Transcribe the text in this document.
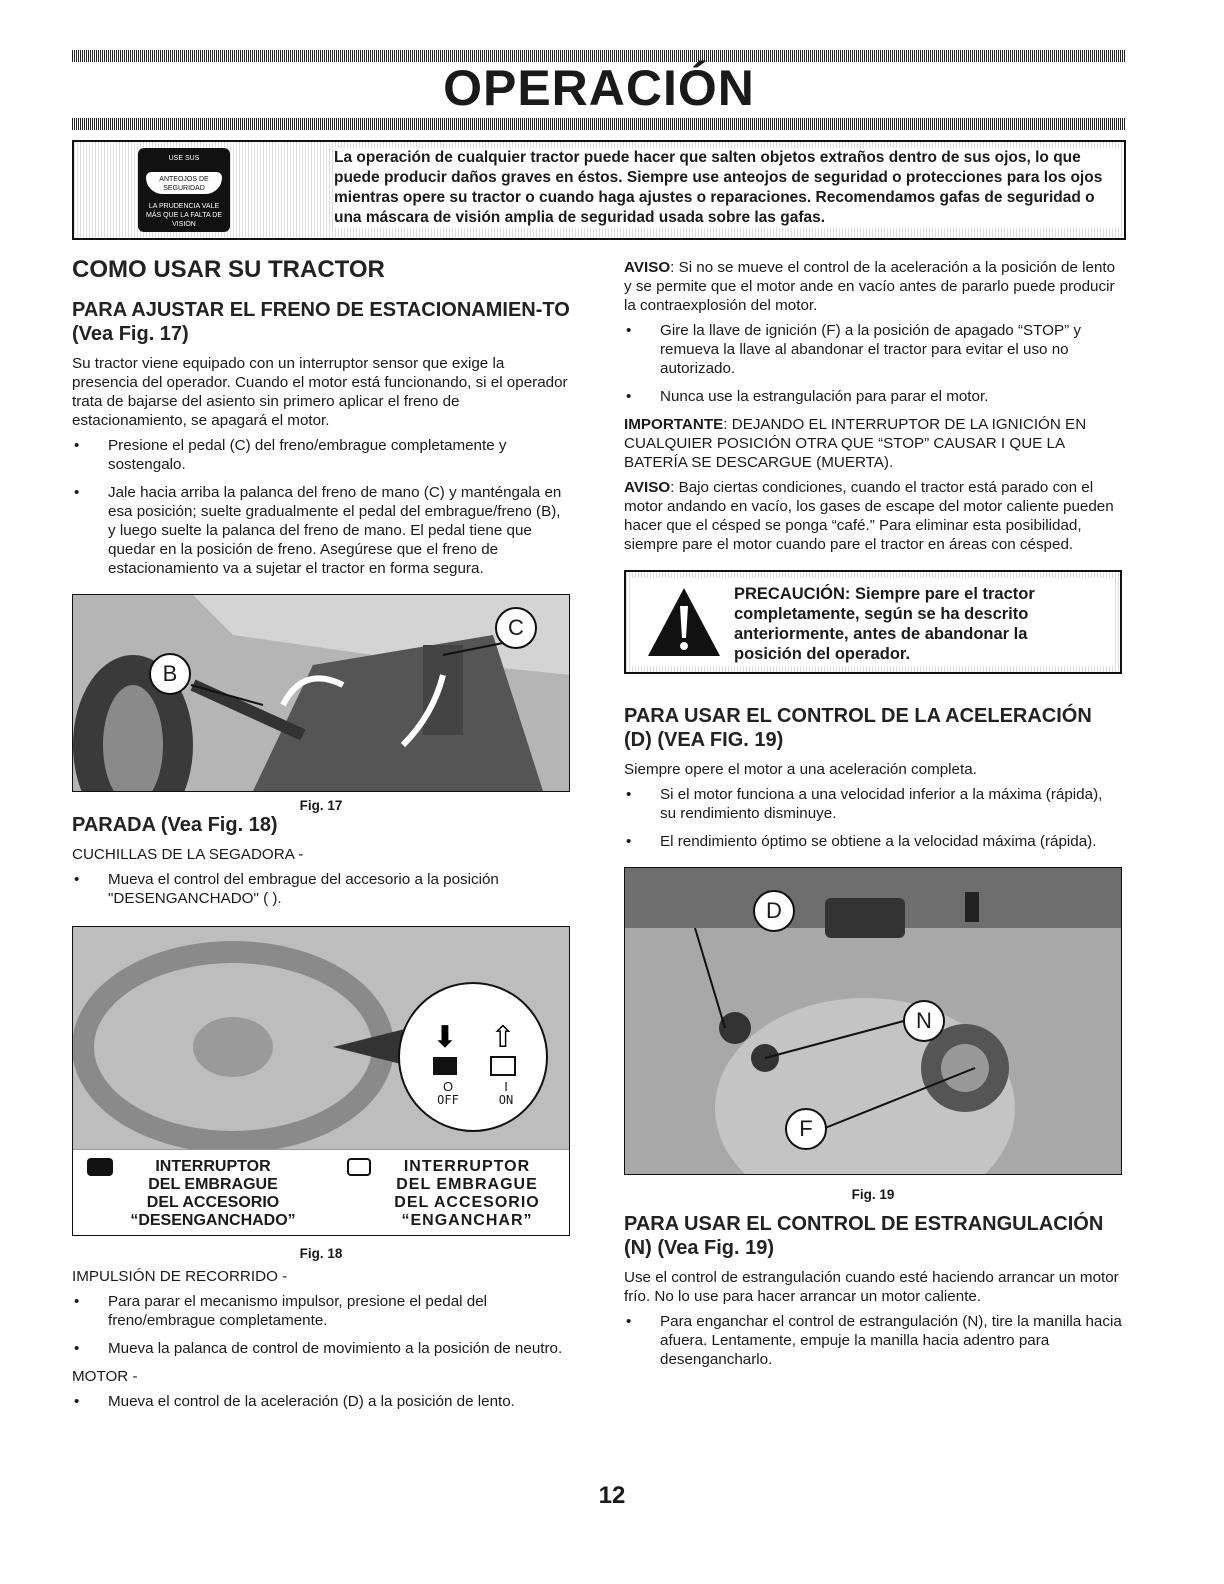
OPERACIÓN
USE SUS
ANTEOJOS DE SEGURIDAD
LA PRUDENCIA VALE MÁS QUE LA FALTA DE VISIÓN
La operación de cualquier tractor puede hacer que salten objetos extraños dentro de sus ojos, lo que puede producir daños graves en éstos. Siempre use anteojos de seguridad o protecciones para los ojos mientras opere su tractor o cuando haga ajustes o reparaciones. Recomendamos gafas de seguridad o una máscara de visión amplia de seguridad usada sobre las gafas.
COMO USAR SU TRACTOR
PARA AJUSTAR EL FRENO DE ESTACIONAMIEN-TO (Vea Fig. 17)

Su tractor viene equipado con un interruptor sensor que exige la presencia del operador. Cuando el motor está funcionando, si el operador trata de bajarse del asiento sin primero aplicar el freno de estacionamiento, se apagará el motor.

• Presione el pedal (C) del freno/embrague completamente y sostengalo.
• Jale hacia arriba la palanca del freno de mano (C) y manténgala en esa posición; suelte gradualmente el pedal del embrague/freno (B), y luego suelte la palanca del freno de mano. El pedal tiene que quedar en la posición de freno. Asegúrese que el freno de estacionamiento va a sujetar el tractor en forma segura.
B
C
Fig. 17
PARADA (Vea Fig. 18)

CUCHILLAS DE LA SEGADORA -

• Mueva el control del embrague del accesorio a la posición "DESENGANCHADO" ( ).
⬇ ⇧
O	I
OFF	ON
INTERRUPTOR
DEL EMBRAGUE
DEL ACCESORIO
“DESENGANCHADO”
INTERRUPTOR
DEL EMBRAGUE
DEL ACCESORIO
“ENGANCHAR”
Fig. 18

IMPULSIÓN DE RECORRIDO -

• Para parar el mecanismo impulsor, presione el pedal del freno/embrague completamente.
• Mueva la palanca de control de movimiento a la posición de neutro.

MOTOR -

• Mueva el control de la aceleración (D) a la posición de lento.

AVISO: Si no se mueve el control de la aceleración a la posición de lento y se permite que el motor ande en vacío antes de pararlo puede producir la contraexplosión del motor.

• Gire la llave de ignición (F) a la posición de apagado “STOP” y remueva la llave al abandonar el tractor para evitar el uso no autorizado.
• Nunca use la estrangulación para parar el motor.

IMPORTANTE: DEJANDO EL INTERRUPTOR DE LA IGNICIÓN EN CUALQUIER POSICIÓN OTRA QUE “STOP” CAUSAR I QUE LA BATERÍA SE DESCARGUE (MUERTA).

AVISO: Bajo ciertas condiciones, cuando el tractor está parado con el motor andando en vacío, los gases de escape del motor caliente pueden hacer que el césped se ponga “café.” Para eliminar esta posibilidad, siempre pare el motor cuando pare el tractor en áreas con césped.

PRECAUCIÓN: Siempre pare el tractor completamente, según se ha descrito anteriormente, antes de abandonar la posición del operador.
PARA USAR EL CONTROL DE LA ACELERACIÓN (D) (VEA FIG. 19)

Siempre opere el motor a una aceleración completa.

• Si el motor funciona a una velocidad inferior a la máxima (rápida), su rendimiento disminuye.
• El rendimiento óptimo se obtiene a la velocidad máxima (rápida).
D
N
F
Fig. 19
PARA USAR EL CONTROL DE ESTRANGULACIÓN (N) (Vea Fig. 19)

Use el control de estrangulación cuando esté haciendo arrancar un motor frío. No lo use para hacer arrancar un motor caliente.

• Para enganchar el control de estrangulación (N), tire la manilla hacia afuera. Lentamente, empuje la manilla hacia adentro para desengancharlo.
12
